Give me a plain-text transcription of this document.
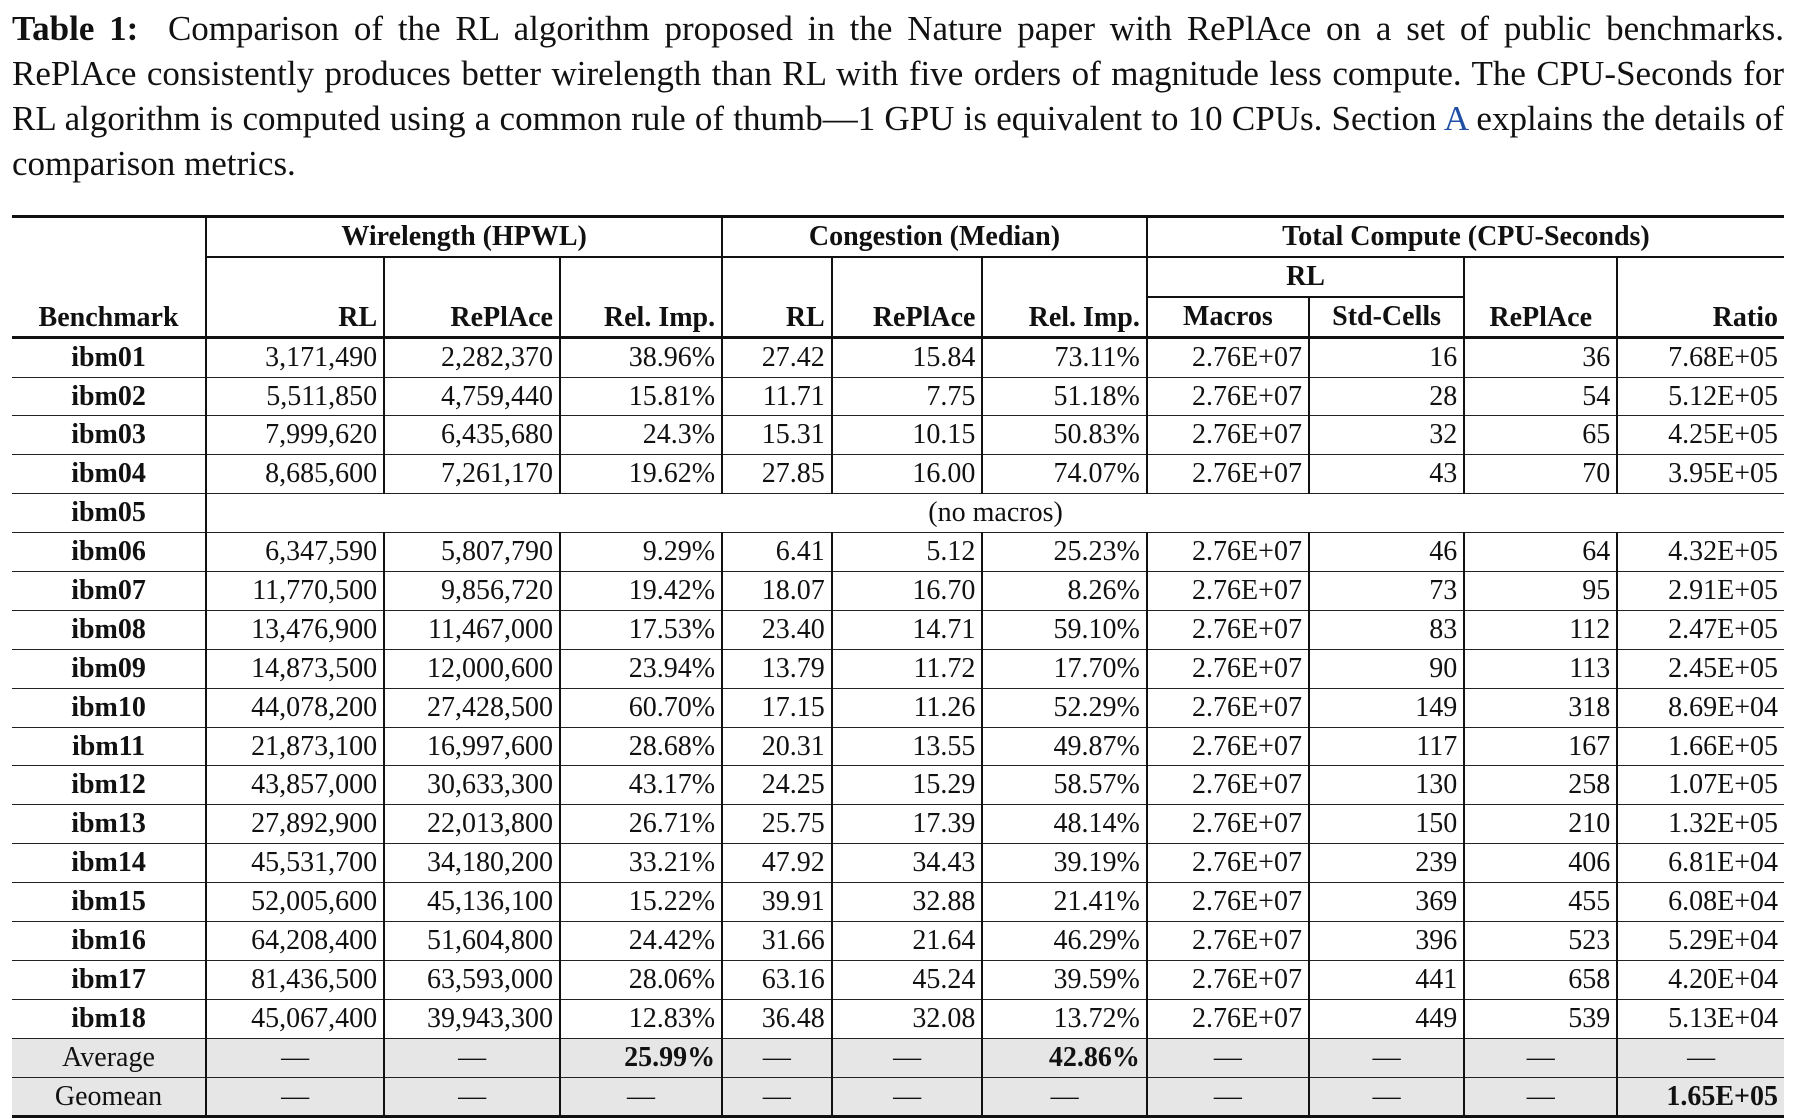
Table 1: Comparison of the RL algorithm proposed in the Nature paper with RePlAce on a set of public benchmarks. RePlAce consistently produces better wirelength than RL with five orders of magnitude less compute. The CPU-Seconds for RL algorithm is computed using a common rule of thumb—1 GPU is equivalent to 10 CPUs. Section A explains the details of comparison metrics.
Benchmark	Wirelength (HPWL)			Congestion (Median)			Total Compute (CPU-Seconds)			
	RL	RePlAce	Rel. Imp.	RL	RePlAce	Rel. Imp.	RL		RePlAce	Ratio
							Macros	Std-Cells		

ibm01	3,171,490	2,282,370	38.96%	27.42	15.84	73.11%	2.76E+07	16	36	7.68E+05
ibm02	5,511,850	4,759,440	15.81%	11.71	7.75	51.18%	2.76E+07	28	54	5.12E+05
ibm03	7,999,620	6,435,680	24.3%	15.31	10.15	50.83%	2.76E+07	32	65	4.25E+05
ibm04	8,685,600	7,261,170	19.62%	27.85	16.00	74.07%	2.76E+07	43	70	3.95E+05
ibm05	(no macros)									
ibm06	6,347,590	5,807,790	9.29%	6.41	5.12	25.23%	2.76E+07	46	64	4.32E+05
ibm07	11,770,500	9,856,720	19.42%	18.07	16.70	8.26%	2.76E+07	73	95	2.91E+05
ibm08	13,476,900	11,467,000	17.53%	23.40	14.71	59.10%	2.76E+07	83	112	2.47E+05
ibm09	14,873,500	12,000,600	23.94%	13.79	11.72	17.70%	2.76E+07	90	113	2.45E+05
ibm10	44,078,200	27,428,500	60.70%	17.15	11.26	52.29%	2.76E+07	149	318	8.69E+04
ibm11	21,873,100	16,997,600	28.68%	20.31	13.55	49.87%	2.76E+07	117	167	1.66E+05
ibm12	43,857,000	30,633,300	43.17%	24.25	15.29	58.57%	2.76E+07	130	258	1.07E+05
ibm13	27,892,900	22,013,800	26.71%	25.75	17.39	48.14%	2.76E+07	150	210	1.32E+05
ibm14	45,531,700	34,180,200	33.21%	47.92	34.43	39.19%	2.76E+07	239	406	6.81E+04
ibm15	52,005,600	45,136,100	15.22%	39.91	32.88	21.41%	2.76E+07	369	455	6.08E+04
ibm16	64,208,400	51,604,800	24.42%	31.66	21.64	46.29%	2.76E+07	396	523	5.29E+04
ibm17	81,436,500	63,593,000	28.06%	63.16	45.24	39.59%	2.76E+07	441	658	4.20E+04
ibm18	45,067,400	39,943,300	12.83%	36.48	32.08	13.72%	2.76E+07	449	539	5.13E+04
Average	—	—	25.99%	—	—	42.86%	—	—	—	—
Geomean	—	—	—	—	—	—	—	—	—	1.65E+05
